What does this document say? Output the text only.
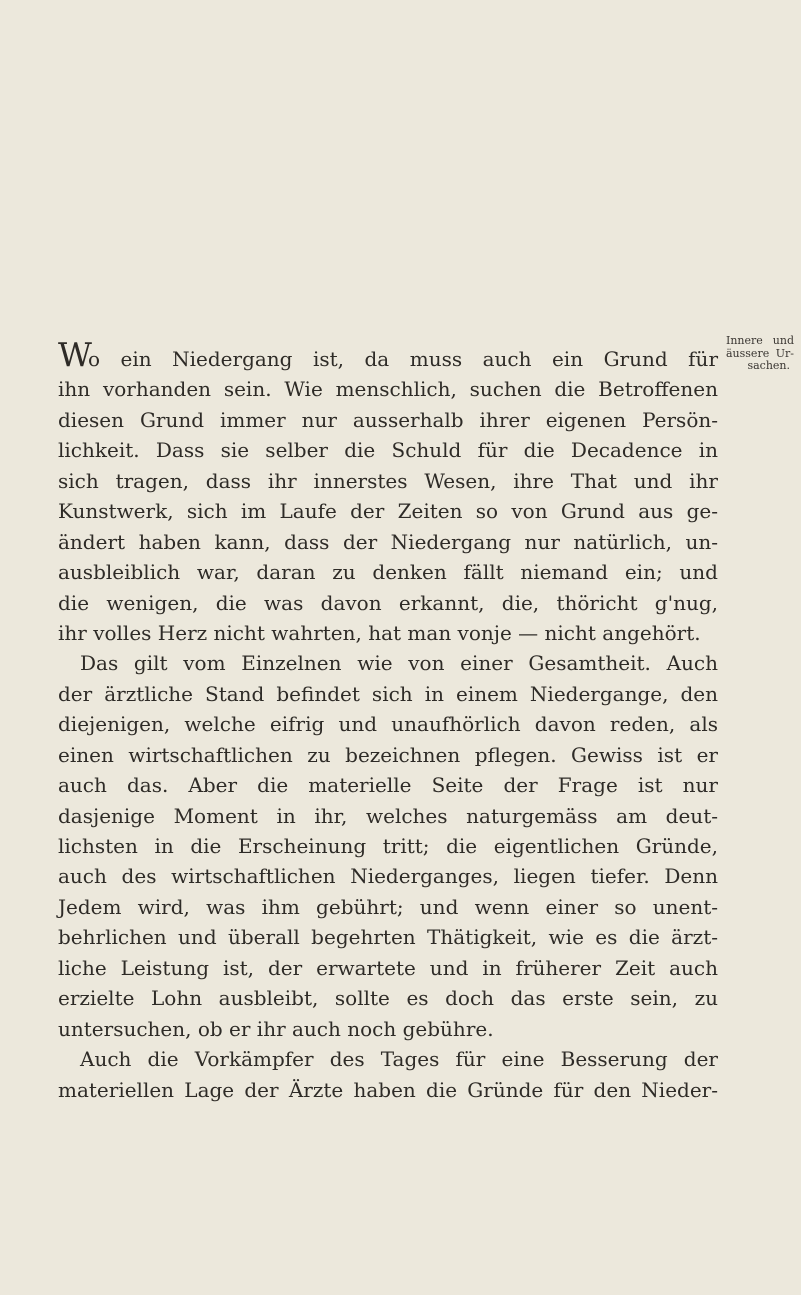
Innere und
äussere Ur-
sachen.
W
o ein Niedergang ist, da muss auch ein Grund für
ihn vorhanden sein. Wie menschlich, suchen die Betroffenen
diesen Grund immer nur ausserhalb ihrer eigenen Persön-
lichkeit. Dass sie selber die Schuld für die Decadence in
sich tragen, dass ihr innerstes Wesen, ihre That und ihr
Kunstwerk, sich im Laufe der Zeiten so von Grund aus ge-
ändert haben kann, dass der Niedergang nur natürlich, un-
ausbleiblich war, daran zu denken fällt niemand ein; und
die wenigen, die was davon erkannt, die, thöricht g'nug,
ihr volles Herz nicht wahrten, hat man vonje — nicht angehört.
Das gilt vom Einzelnen wie von einer Gesamtheit. Auch
der ärztliche Stand befindet sich in einem Niedergange, den
diejenigen, welche eifrig und unaufhörlich davon reden, als
einen wirtschaftlichen zu bezeichnen pflegen. Gewiss ist er
auch das. Aber die materielle Seite der Frage ist nur
dasjenige Moment in ihr, welches naturgemäss am deut-
lichsten in die Erscheinung tritt; die eigentlichen Gründe,
auch des wirtschaftlichen Niederganges, liegen tiefer. Denn
Jedem wird, was ihm gebührt; und wenn einer so unent-
behrlichen und überall begehrten Thätigkeit, wie es die ärzt-
liche Leistung ist, der erwartete und in früherer Zeit auch
erzielte Lohn ausbleibt, sollte es doch das erste sein, zu
untersuchen, ob er ihr auch noch gebühre.
Auch die Vorkämpfer des Tages für eine Besserung der
materiellen Lage der Ärzte haben die Gründe für den Nieder-
